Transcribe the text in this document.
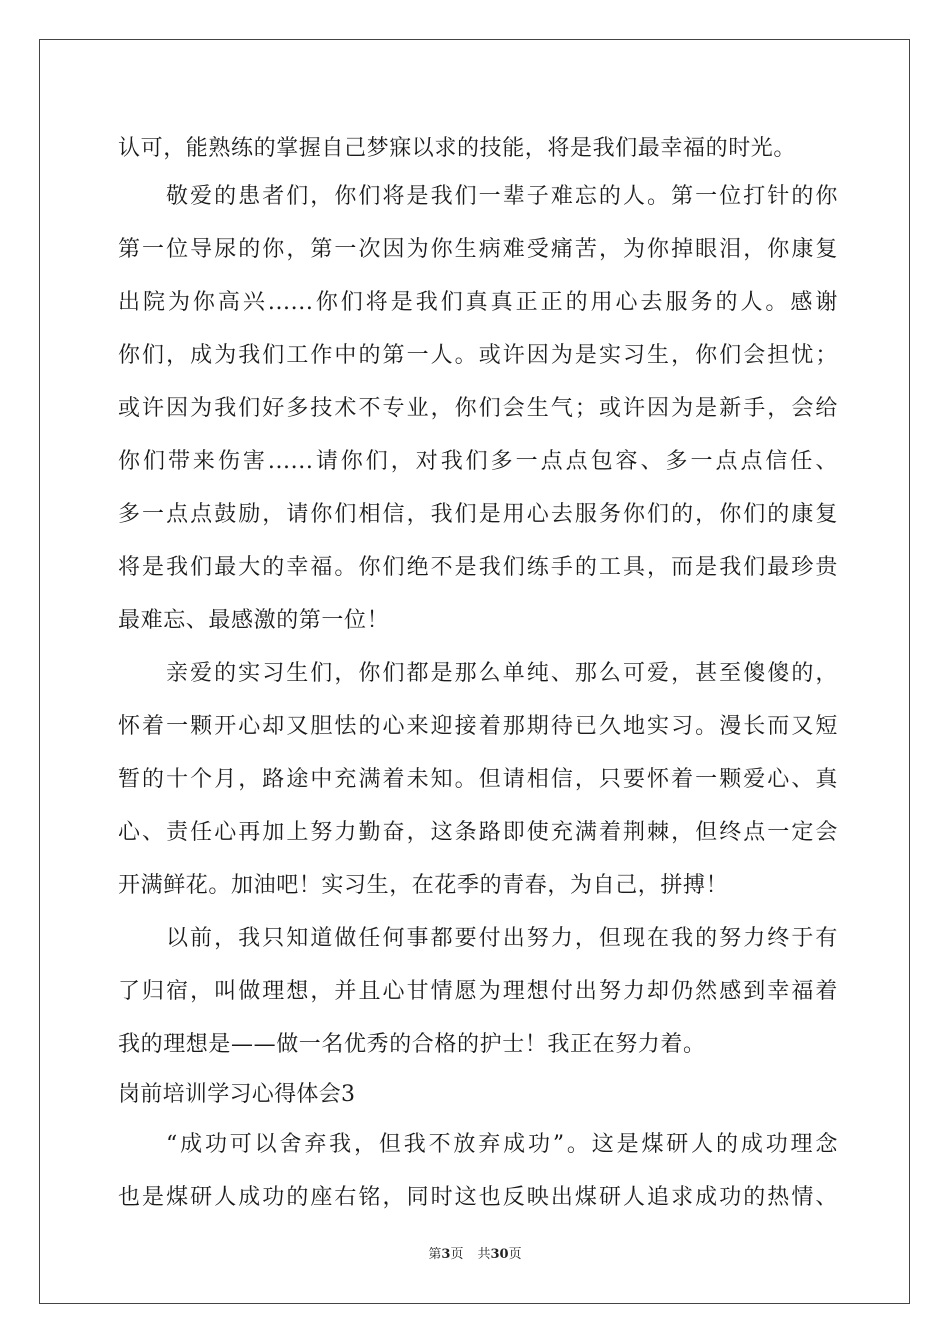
认可，能熟练的掌握自己梦寐以求的技能，将是我们最幸福的时光。
敬爱的患者们，你们将是我们一辈子难忘的人。第一位打针的你
第一位导尿的你，第一次因为你生病难受痛苦，为你掉眼泪，你康复
出院为你高兴......你们将是我们真真正正的用心去服务的人。感谢
你们，成为我们工作中的第一人。或许因为是实习生，你们会担忧；
或许因为我们好多技术不专业，你们会生气；或许因为是新手，会给
你们带来伤害......请你们，对我们多一点点包容、多一点点信任、
多一点点鼓励，请你们相信，我们是用心去服务你们的，你们的康复
将是我们最大的幸福。你们绝不是我们练手的工具，而是我们最珍贵
最难忘、最感激的第一位！
亲爱的实习生们，你们都是那么单纯、那么可爱，甚至傻傻的，
怀着一颗开心却又胆怯的心来迎接着那期待已久地实习。漫长而又短
暂的十个月，路途中充满着未知。但请相信，只要怀着一颗爱心、真
心、责任心再加上努力勤奋，这条路即使充满着荆棘，但终点一定会
开满鲜花。加油吧！实习生，在花季的青春，为自己，拼搏！
以前，我只知道做任何事都要付出努力，但现在我的努力终于有
了归宿，叫做理想，并且心甘情愿为理想付出努力却仍然感到幸福着
我的理想是——做一名优秀的合格的护士！我正在努力着。
岗前培训学习心得体会3
“成功可以舍弃我，但我不放弃成功”。这是煤研人的成功理念
也是煤研人成功的座右铭，同时这也反映出煤研人追求成功的热情、
第3页 共30页
